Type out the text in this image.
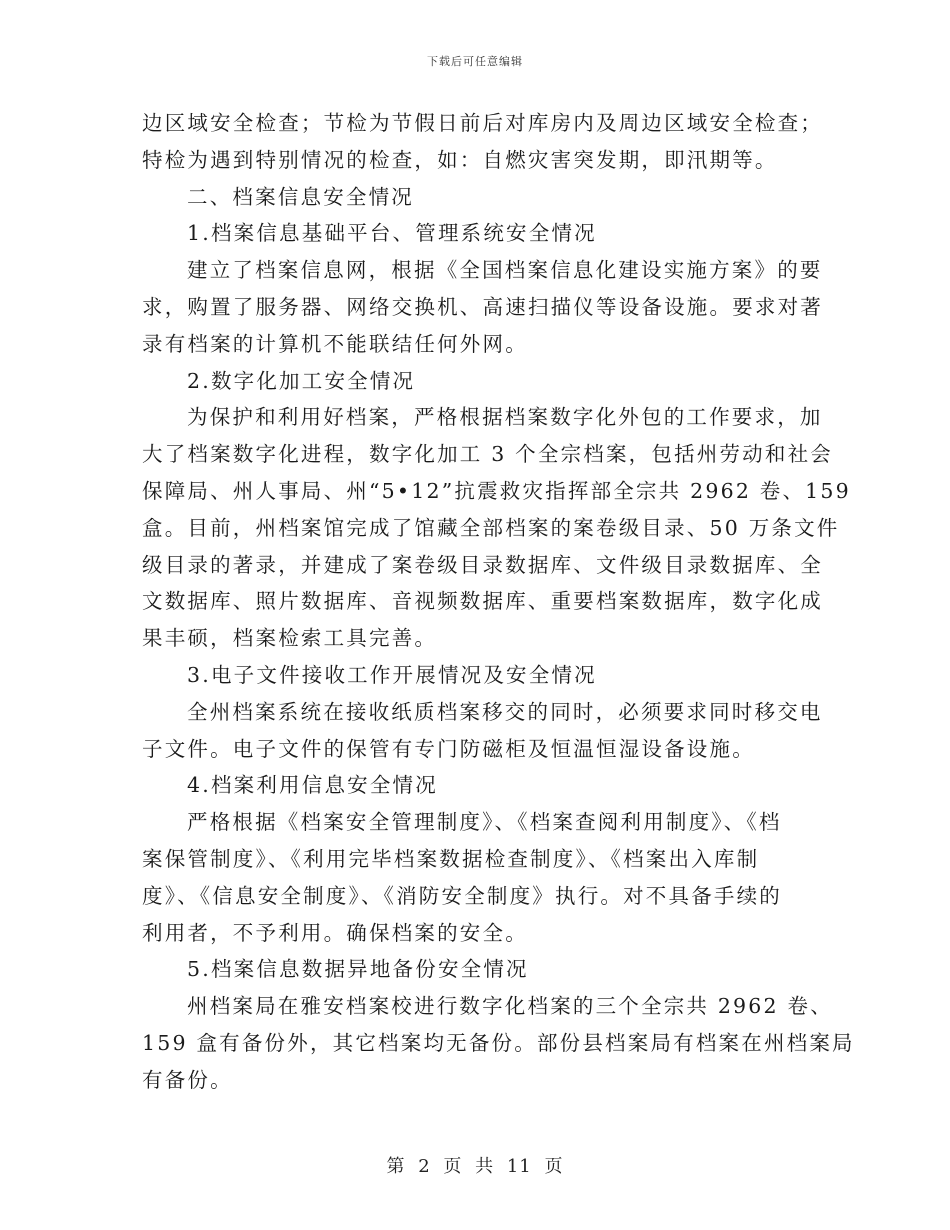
下载后可任意编辑
边区域安全检查；节检为节假日前后对库房内及周边区域安全检查；
特检为遇到特别情况的检查，如：自燃灾害突发期，即汛期等。
二、档案信息安全情况
1.档案信息基础平台、管理系统安全情况
建立了档案信息网，根据《全国档案信息化建设实施方案》的要
求，购置了服务器、网络交换机、高速扫描仪等设备设施。要求对著
录有档案的计算机不能联结任何外网。
2.数字化加工安全情况
为保护和利用好档案，严格根据档案数字化外包的工作要求，加
大了档案数字化进程，数字化加工 3 个全宗档案，包括州劳动和社会
保障局、州人事局、州“5•12”抗震救灾指挥部全宗共 2962 卷、159
盒。目前，州档案馆完成了馆藏全部档案的案卷级目录、50 万条文件
级目录的著录，并建成了案卷级目录数据库、文件级目录数据库、全
文数据库、照片数据库、音视频数据库、重要档案数据库，数字化成
果丰硕，档案检索工具完善。
3.电子文件接收工作开展情况及安全情况
全州档案系统在接收纸质档案移交的同时，必须要求同时移交电
子文件。电子文件的保管有专门防磁柜及恒温恒湿设备设施。
4.档案利用信息安全情况
严格根据《档案安全管理制度》、《档案查阅利用制度》、《档
案保管制度》、《利用完毕档案数据检查制度》、《档案出入库制
度》、《信息安全制度》、《消防安全制度》执行。对不具备手续的
利用者，不予利用。确保档案的安全。
5.档案信息数据异地备份安全情况
州档案局在雅安档案校进行数字化档案的三个全宗共 2962 卷、
159 盒有备份外，其它档案均无备份。部份县档案局有档案在州档案局
有备份。
第 2 页 共 11 页
